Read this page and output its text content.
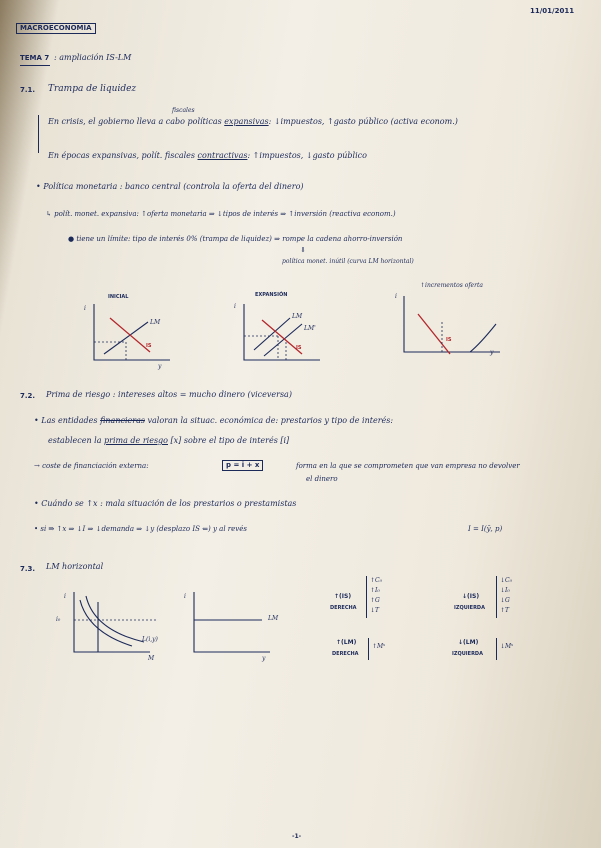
MACROECONOMÍA
11/01/2011
TEMA 7 : ampliación IS-LM
7.1. Trampa de liquidez
fiscales
En crisis, el gobierno lleva a cabo políticas expansivas: ↓impuestos, ↑gasto público (activa econom.)
En épocas expansivas, polít. fiscales contractivas: ↑impuestos, ↓gasto público
• Política monetaria : banco central (controla la oferta del dinero)
↳ polít. monet. expansiva: ↑oferta monetaria ⇒ ↓tipos de interés ⇒ ↑inversión (reactiva econom.)
● tiene un límite: tipo de interés 0% (trampa de liquidez) ⇒ rompe la cadena ahorro-inversión
⇓
política monet. inútil (curva LM horizontal)
INICIAL	EXPANSIÓN
↑incrementos oferta
i
LM
IS
y
i
LM
LM'
IS
i
IS
y
7.2. Prima de riesgo : intereses altos = mucho dinero (viceversa)
• Las entidades financieras valoran la situac. económica de: prestarios y tipo de interés:
establecen la prima de riesgo [x] sobre el tipo de interés [i]
→ coste de financiación externa:	p = i + x	forma en la que se comprometen que van empresa no devolver
el dinero
• Cuándo se ↑x : mala situación de los prestarios o prestamistas
• si ⇛ ↑x ⇒ ↓I ⇒ ↓demanda ⇒ ↓y (desplazo IS ⇐) y al revés	I = I(ȳ, p)
7.3. LM horizontal
i
i₀
L(i,y)
M
i
LM
y
↑(IS)
DERECHA
↑C₀
↑I₀
↑G
↓T
↓(IS)
IZQUIERDA
↓C₀
↓I₀
↓G
↑T
↑(LM)
DERECHA
↑Mˢ
↓(LM)
IZQUIERDA
↓Mˢ
-1-
